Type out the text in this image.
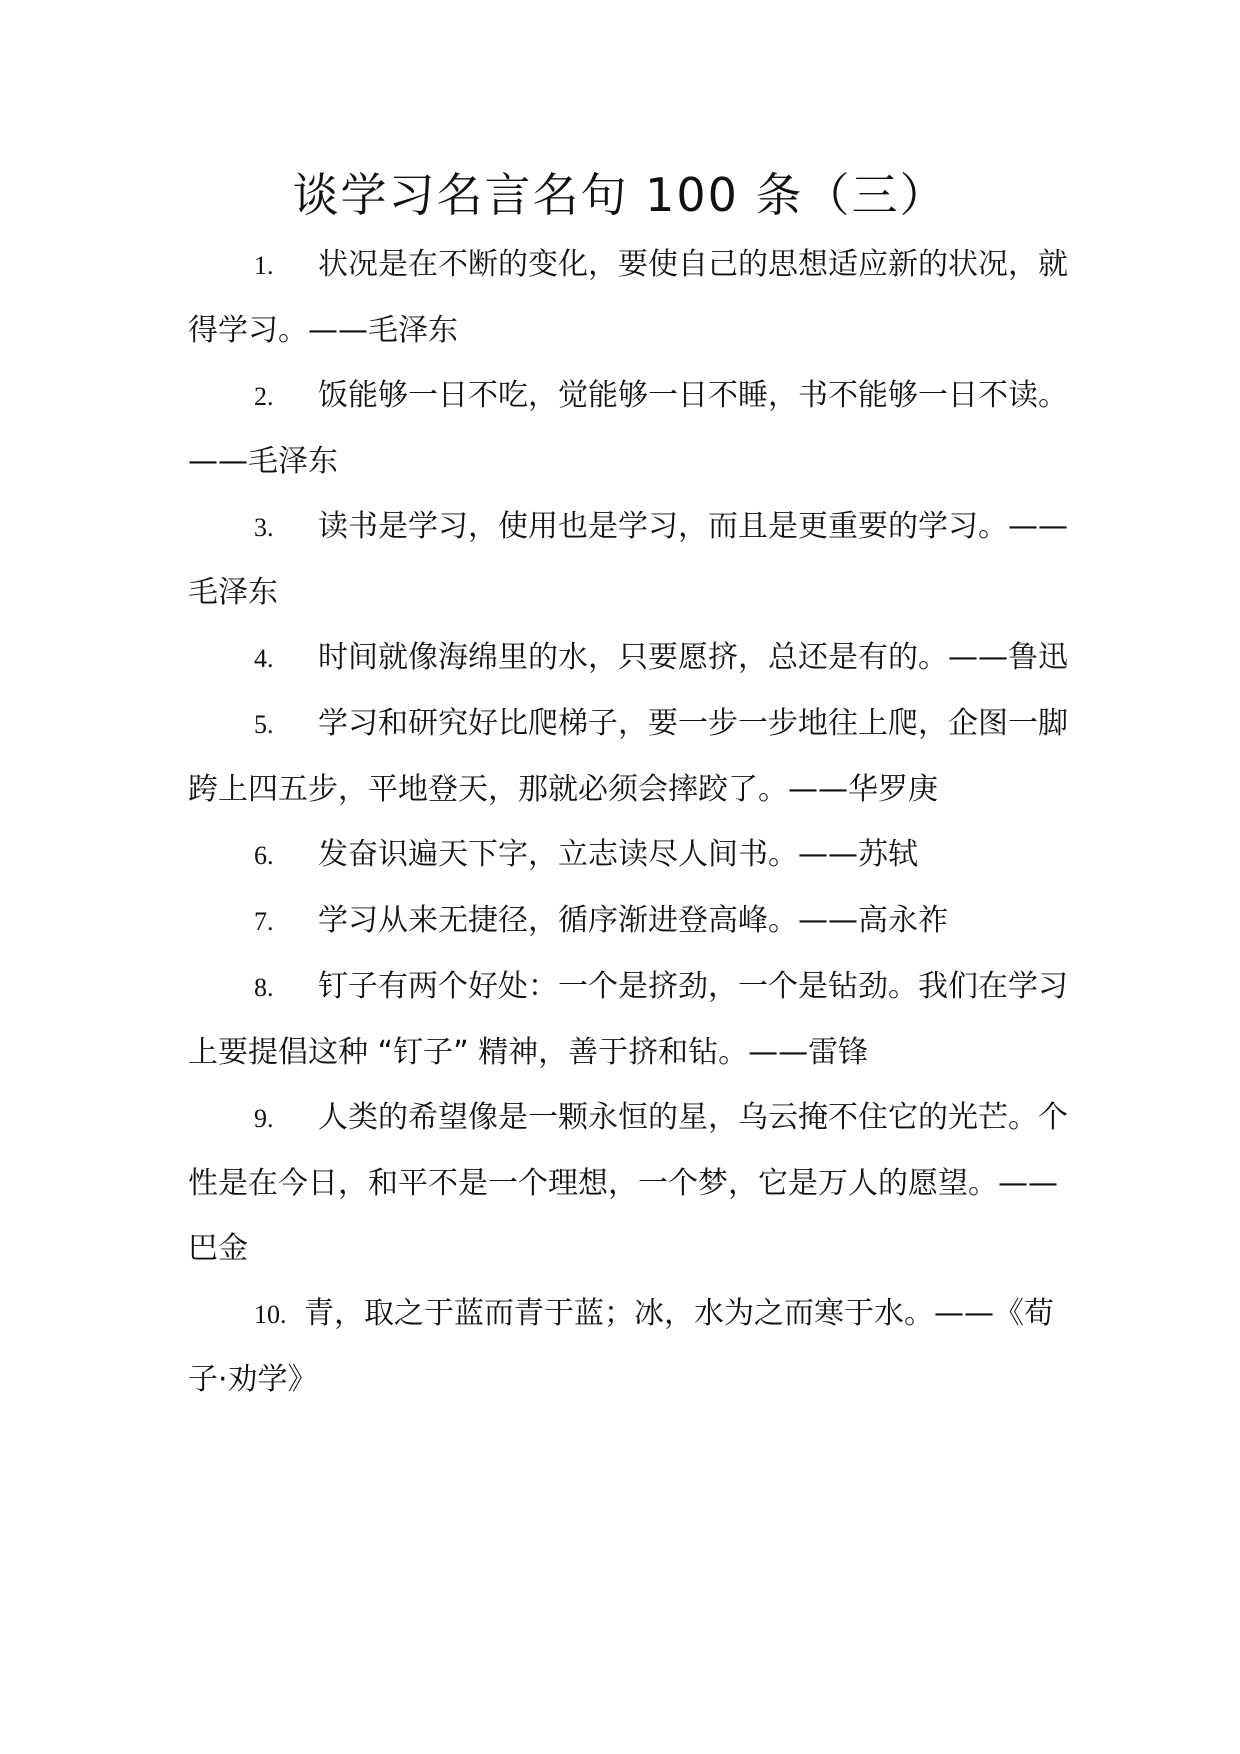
谈学习名言名句 100 条（三）
1. 状况是在不断的变化，要使自己的思想适应新的状况，就得学习。——毛泽东
2. 饭能够一日不吃，觉能够一日不睡，书不能够一日不读。——毛泽东
3. 读书是学习，使用也是学习，而且是更重要的学习。——毛泽东
4. 时间就像海绵里的水，只要愿挤，总还是有的。——鲁迅
5. 学习和研究好比爬梯子，要一步一步地往上爬，企图一脚跨上四五步，平地登天，那就必须会摔跤了。——华罗庚
6. 发奋识遍天下字，立志读尽人间书。——苏轼
7. 学习从来无捷径，循序渐进登高峰。——高永祚
8. 钉子有两个好处：一个是挤劲，一个是钻劲。我们在学习上要提倡这种 “钉子” 精神，善于挤和钻。——雷锋
9. 人类的希望像是一颗永恒的星，乌云掩不住它的光芒。个性是在今日，和平不是一个理想，一个梦，它是万人的愿望。——巴金
10. 青，取之于蓝而青于蓝；冰，水为之而寒于水。——《荀子·劝学》
